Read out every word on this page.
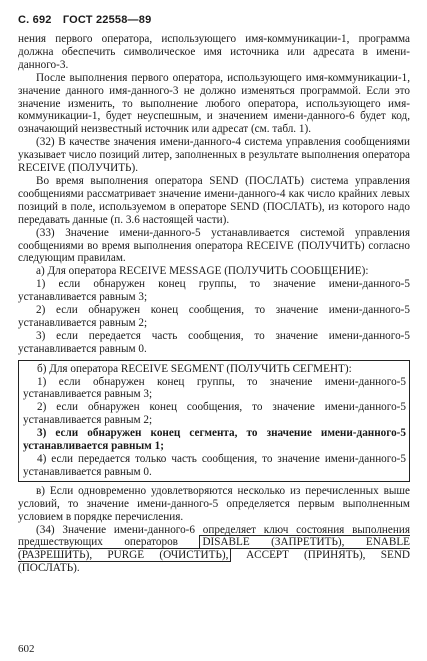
С. 692 ГОСТ 22558—89

нения первого оператора, использующего имя-коммуникации-1, программа должна обеспечить символическое имя источника или адресата в имени-данного-3.

После выполнения первого оператора, использующего имя-коммуникации-1, значение данного имя-данного-3 не должно изменяться программой. Если это значение изменить, то выполнение любого оператора, использующего имя-коммуникации-1, будет неуспешным, и значением имени-данного-6 будет код, означающий неизвестный источник или адресат (см. табл. 1).

(32) В качестве значения имени-данного-4 система управления сообщениями указывает число позиций литер, заполненных в результате выполнения оператора RECEIVE (ПОЛУЧИТЬ).

Во время выполнения оператора SEND (ПОСЛАТЬ) система управления сообщениями рассматривает значение имени-данного-4 как число крайних левых позиций в поле, используемом в операторе SEND (ПОСЛАТЬ), из которого надо передавать данные (п. 3.6 настоящей части).

(33) Значение имени-данного-5 устанавливается системой управления сообщениями во время выполнения оператора RECEIVE (ПОЛУЧИТЬ) согласно следующим правилам.

а) Для оператора RECEIVE MESSAGE (ПОЛУЧИТЬ СООБЩЕНИЕ):

1) если обнаружен конец группы, то значение имени-данного-5 устанавливается равным 3;

2) если обнаружен конец сообщения, то значение имени-данного-5 устанавливается равным 2;

3) если передается часть сообщения, то значение имени-данного-5 устанавливается равным 0.

б) Для оператора RECEIVE SEGMENT (ПОЛУЧИТЬ СЕГМЕНТ):

1) если обнаружен конец группы, то значение имени-данного-5 устанавливается равным 3;

2) если обнаружен конец сообщения, то значение имени-данного-5 устанавливается равным 2;

3) если обнаружен конец сегмента, то значение имени-данного-5 устанавливается равным 1;

4) если передается только часть сообщения, то значение имени-данного-5 устанавливается равным 0.

в) Если одновременно удовлетворяются несколько из перечисленных выше условий, то значение имени-данного-5 определяется первым выполненным условием в порядке перечисления.

(34) Значение имени-данного-6 определяет ключ состояния выполнения предшествующих операторов DISABLE (ЗАПРЕТИТЬ), ENABLE (РАЗРЕШИТЬ), PURGE (ОЧИСТИТЬ), ACCEPT (ПРИНЯТЬ), SEND (ПОСЛАТЬ).

602
